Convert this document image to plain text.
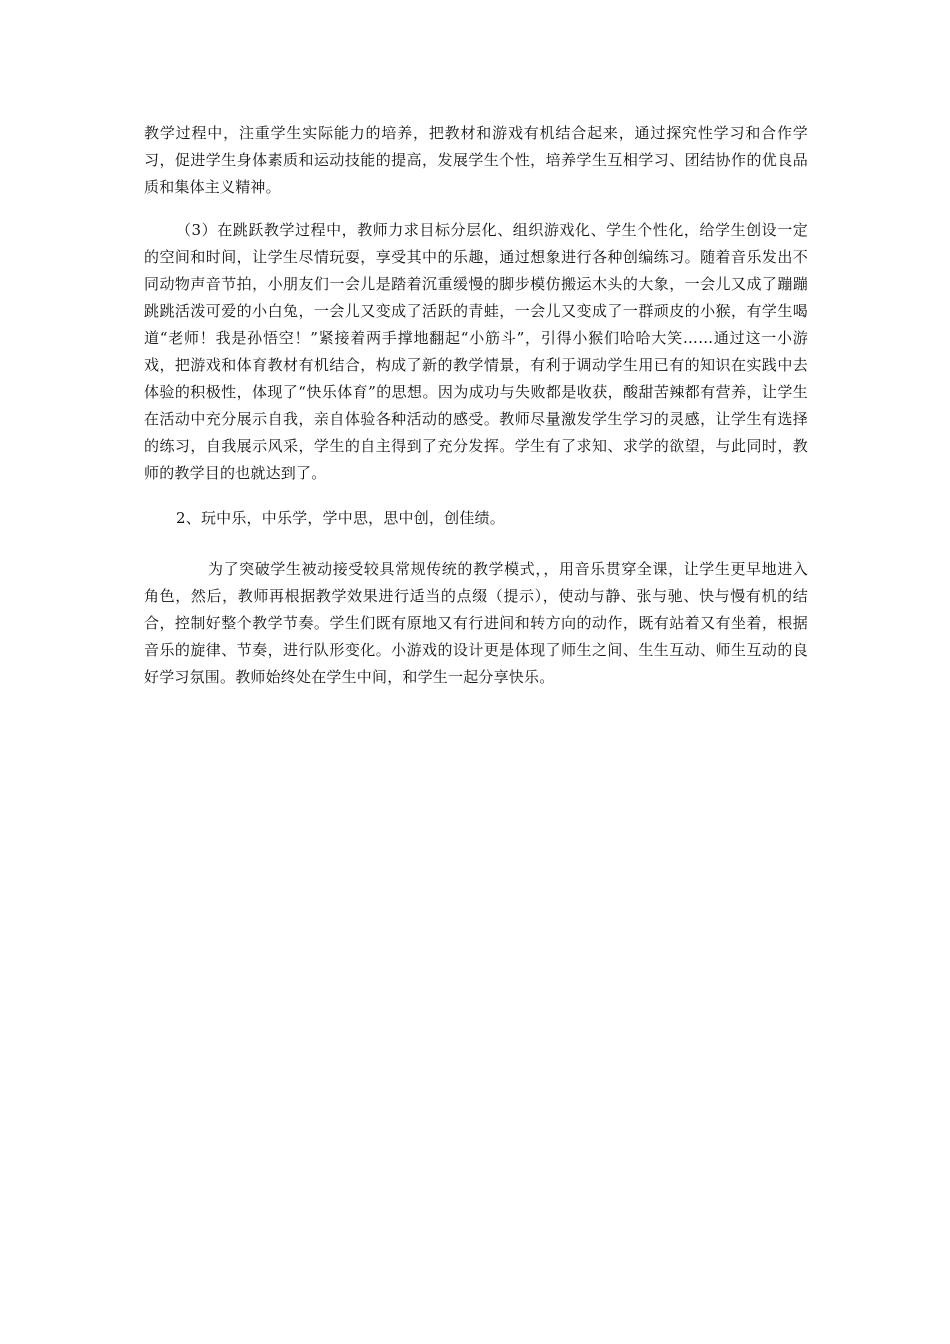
教学过程中，注重学生实际能力的培养，把教材和游戏有机结合起来，通过探究性学习和合作学习，促进学生身体素质和运动技能的提高，发展学生个性，培养学生互相学习、团结协作的优良品质和集体主义精神。

（3）在跳跃教学过程中，教师力求目标分层化、组织游戏化、学生个性化，给学生创设一定的空间和时间，让学生尽情玩耍，享受其中的乐趣，通过想象进行各种创编练习。随着音乐发出不同动物声音节拍，小朋友们一会儿是踏着沉重缓慢的脚步模仿搬运木头的大象，一会儿又成了蹦蹦跳跳活泼可爱的小白兔，一会儿又变成了活跃的青蛙，一会儿又变成了一群顽皮的小猴，有学生喝道“老师！我是孙悟空！”紧接着两手撑地翻起“小筋斗”，引得小猴们哈哈大笑……通过这一小游戏，把游戏和体育教材有机结合，构成了新的教学情景，有利于调动学生用已有的知识在实践中去体验的积极性，体现了“快乐体育”的思想。因为成功与失败都是收获，酸甜苦辣都有营养，让学生在活动中充分展示自我，亲自体验各种活动的感受。教师尽量激发学生学习的灵感，让学生有选择的练习，自我展示风采，学生的自主得到了充分发挥。学生有了求知、求学的欲望，与此同时，教师的教学目的也就达到了。

2、玩中乐，中乐学，学中思，思中创，创佳绩。

为了突破学生被动接受较具常规传统的教学模式，，用音乐贯穿全课，让学生更早地进入角色，然后，教师再根据教学效果进行适当的点缀（提示），使动与静、张与驰、快与慢有机的结合，控制好整个教学节奏。学生们既有原地又有行进间和转方向的动作，既有站着又有坐着，根据音乐的旋律、节奏，进行队形变化。小游戏的设计更是体现了师生之间、生生互动、师生互动的良好学习氛围。教师始终处在学生中间，和学生一起分享快乐。
